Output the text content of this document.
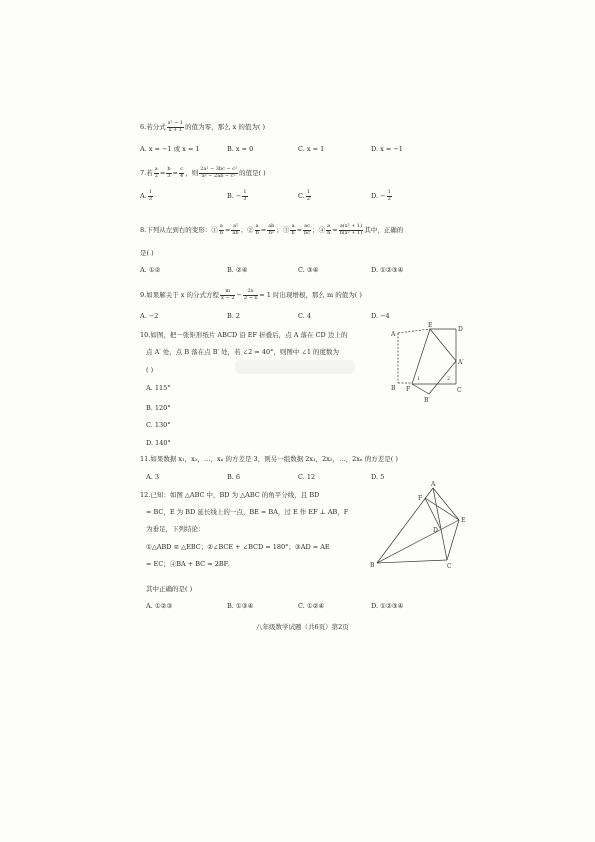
6.若分式 $\frac{\text{x² − 1}}{x + 1}$ 的值为零，那么 x 的值为( )
A. x = −1 或 x = 1	B. x = 0	C. x = 1	D. x = −1
7.若 $\frac{a}{2} = \frac{b}{3} = \frac{c}{4}$ ，则 $\frac{\text{2a² − 3bc − c²}}{\text{a² − 2ab − c²}}$ 的值是( )
A. $\frac{1}{3}$	B. − $\frac{1}{3}$	C. $\frac{1}{2}$	D. − $\frac{1}{2}$
8.下列从左到右的变形：① $\frac{a}{b} = \frac{\text{a²}}{ab}$ ；② $\frac{a}{b} = \frac{ab}{\text{b²}}$ ；③ $\frac{a}{b} = \frac{ac}{bc}$ ；④ $\frac{a}{b} = \frac{\text{a(x² + 1)}}{\text{b(x² + 1)}}$ 其中，正确的
是( )
A. ①②	B. ②④	C. ③④	D. ①②③④
9.如果解关于 x 的分式方程 $\frac{m}{x - 2} - \frac{2x}{2 - x} = 1$ 时出现增根，那么 m 的值为( )
A. −2	B. 2	C. 4	D. −4
10.如图，把一张矩形纸片 ABCD 沿 EF 折叠后，点 A 落在 CD 边上的
点 A′ 处，点 B 落在点 B′ 处，若 ∠2 = 40°，则图中 ∠1 的度数为
( )
A. 115°
B. 120°
C. 130°
D. 140°
A
E
D
A′
B F	C
B′
1	2
11.如果数据 x₁，x₂，…，xₙ 的方差是 3，则另一组数据 2x₁，2x₂，…，2xₙ 的方差是( )
A. 3	B. 6	C. 12	D. 5
12.已知：如图 △ABC 中，BD 为 △ABC 的角平分线，且 BD
= BC，E 为 BD 延长线上的一点，BE = BA，过 E 作 EF ⊥ AB，F
为垂足，下列结论：
①△ABD ≌ △EBC；②∠BCE + ∠BCD = 180°；③AD = AE
= EC；④BA + BC = 2BF.
其中正确的是( )
A. ①②③	B. ①③④	C. ①②④	D. ①②③④
A
F
E
D
B	C
八年级数学试题（共6页）第2页
